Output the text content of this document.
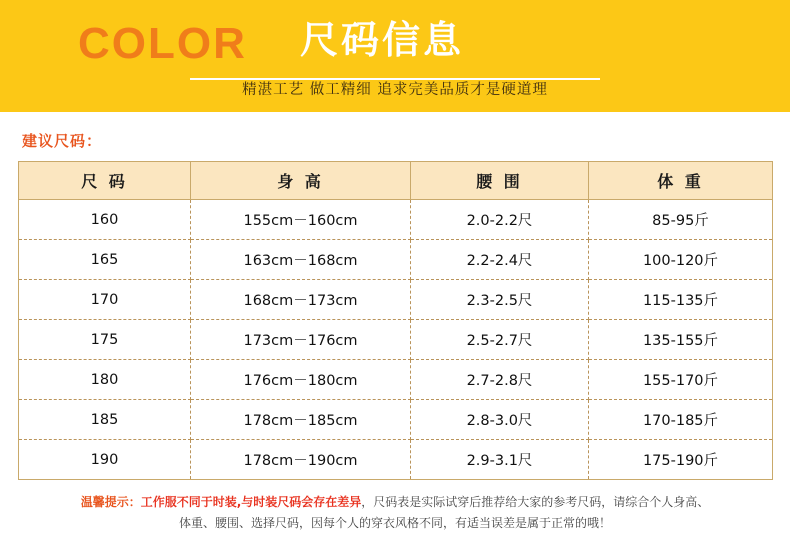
COLOR 尺码信息
精湛工艺 做工精细 追求完美品质才是硬道理
建议尺码：
尺 码	身 高	腰 围	体 重
160	155cm－160cm	2.0-2.2尺	85-95斤
165	163cm－168cm	2.2-2.4尺	100-120斤
170	168cm－173cm	2.3-2.5尺	115-135斤
175	173cm－176cm	2.5-2.7尺	135-155斤
180	176cm－180cm	2.7-2.8尺	155-170斤
185	178cm－185cm	2.8-3.0尺	170-185斤
190	178cm－190cm	2.9-3.1尺	175-190斤
温馨提示：工作服不同于时装,与时装尺码会存在差异，尺码表是实际试穿后推荐给大家的参考尺码，请综合个人身高、
体重、腰围、选择尺码，因每个人的穿衣风格不同，有适当误差是属于正常的哦！
